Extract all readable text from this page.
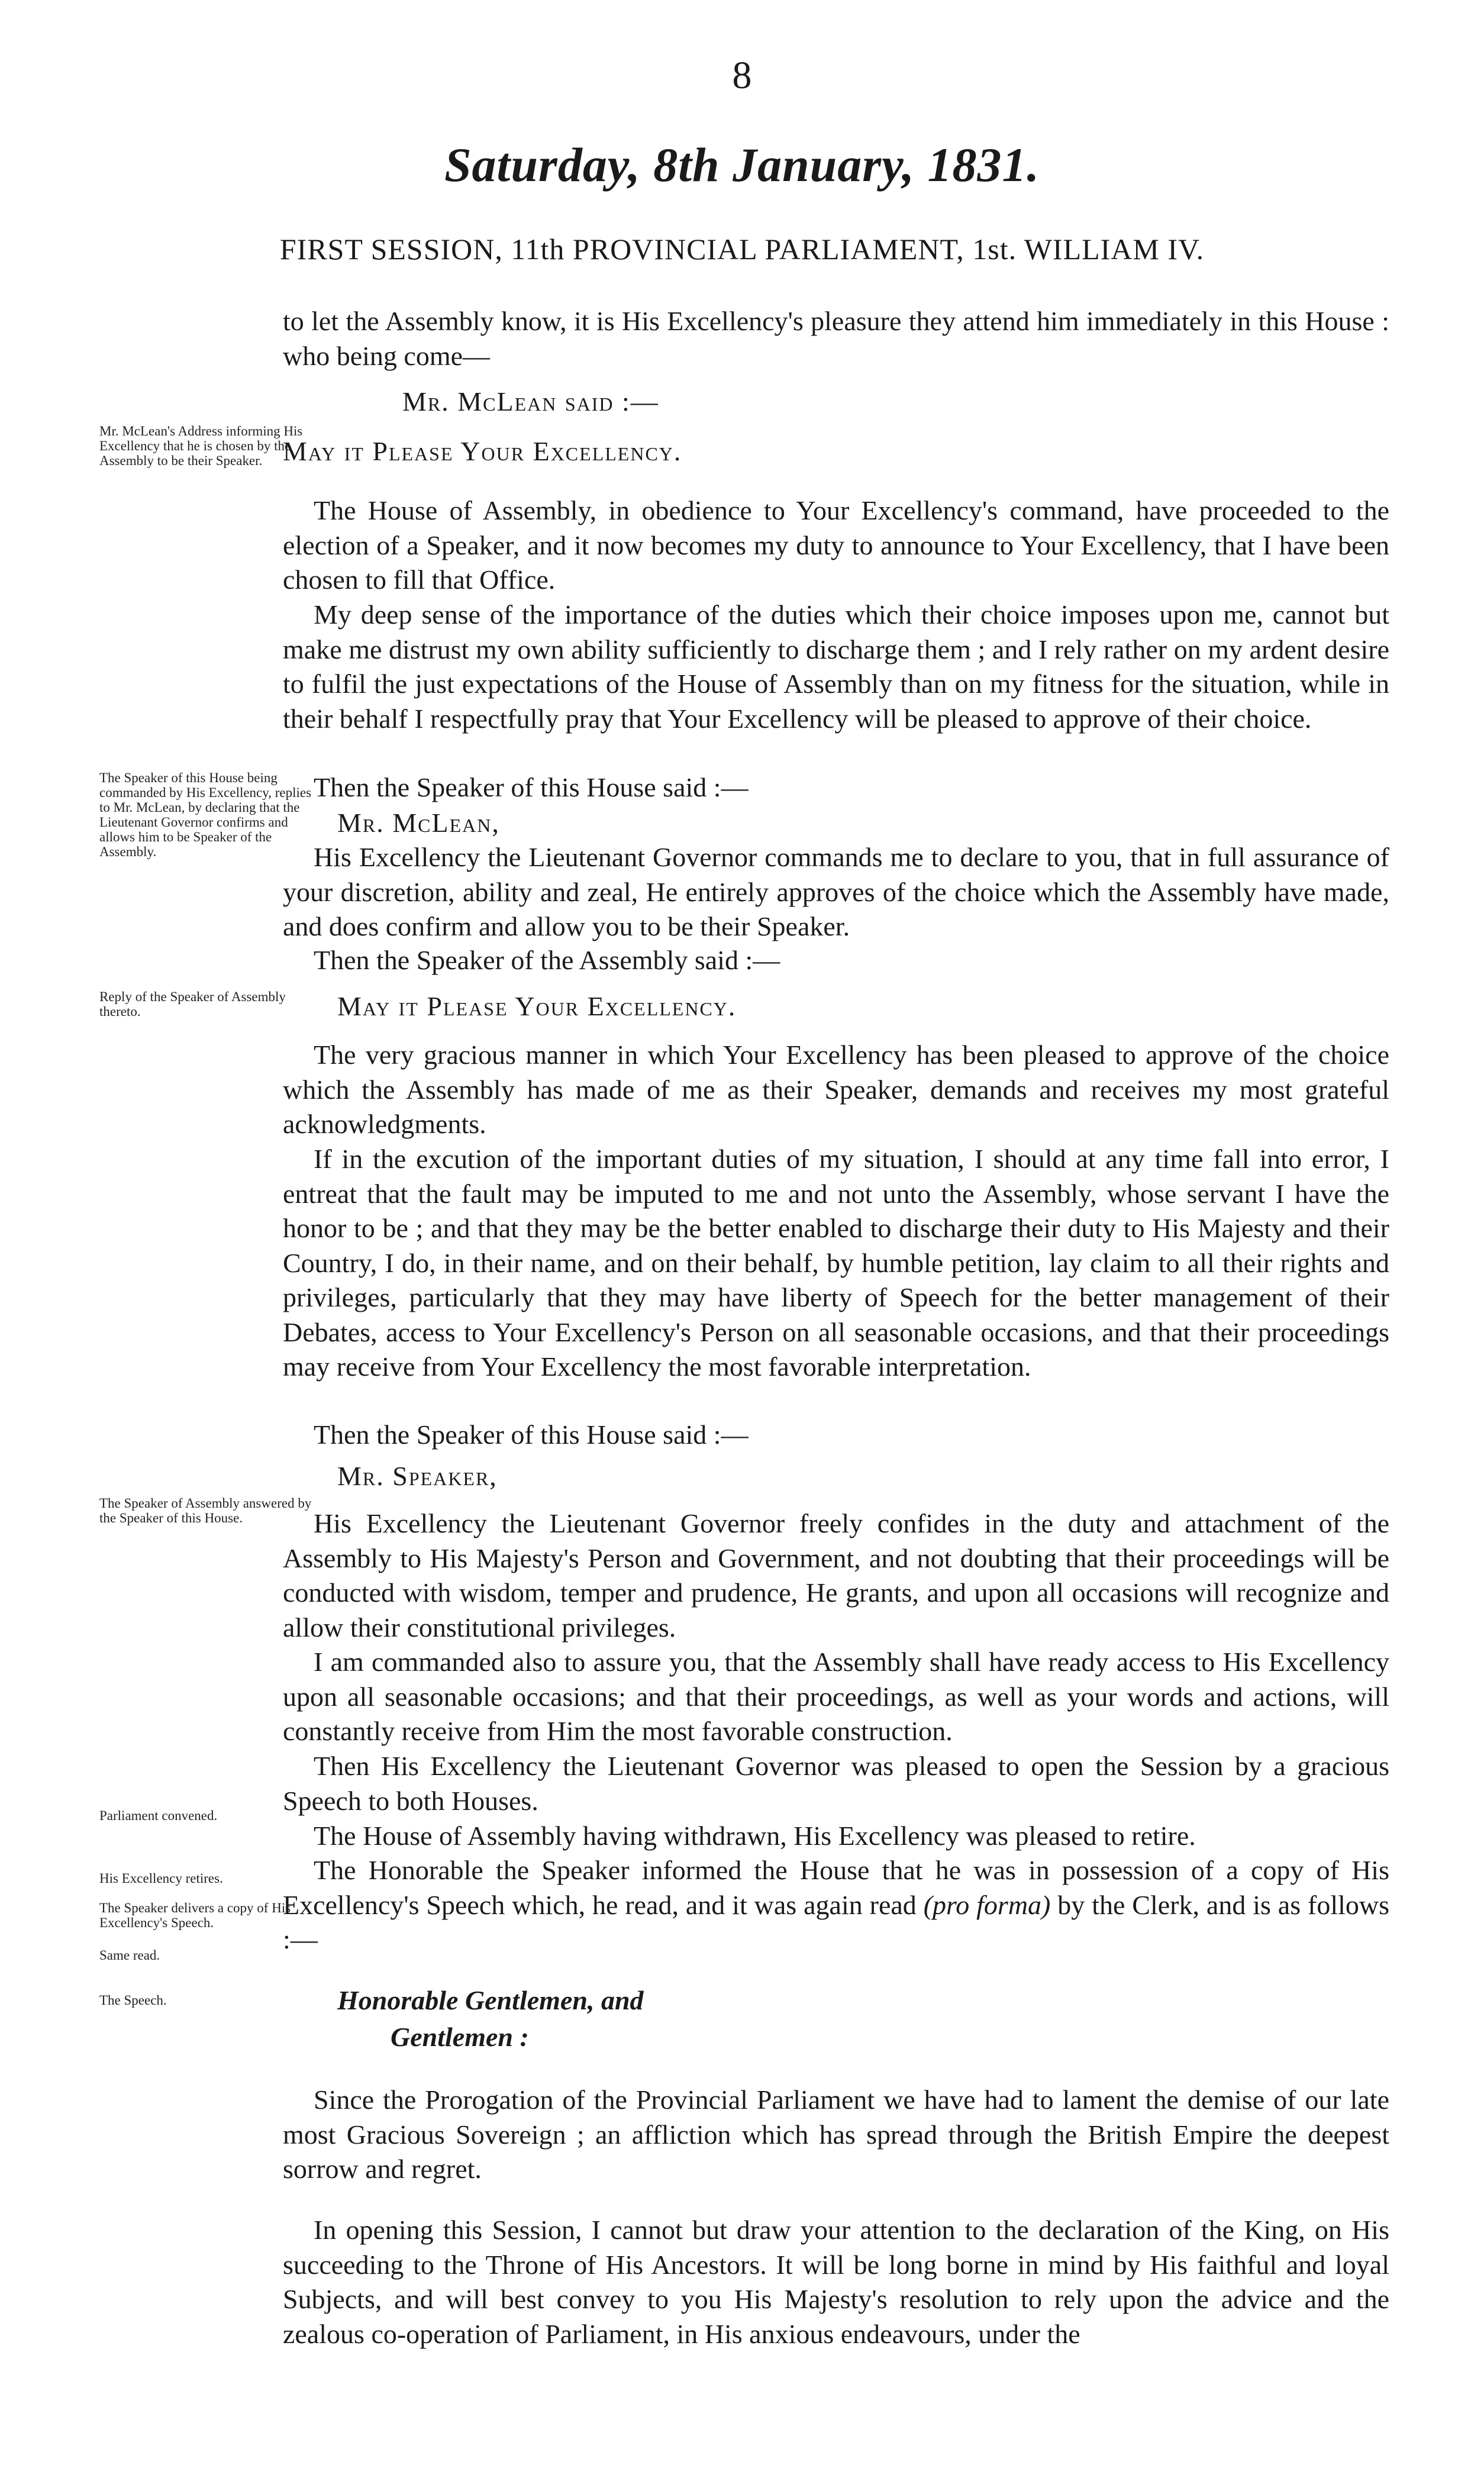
8
Saturday, 8th January, 1831.
FIRST SESSION, 11th PROVINCIAL PARLIAMENT, 1st. WILLIAM IV.
Mr. McLean's Address informing His Excellency that he is chosen by the Assembly to be their Speaker.
The Speaker of this House being commanded by His Excellency, replies to Mr. McLean, by declaring that the Lieutenant Governor confirms and allows him to be Speaker of the Assembly.
Reply of the Speaker of Assembly thereto.
The Speaker of Assembly answered by the Speaker of this House.
Parliament convened.
His Excellency retires.
The Speaker delivers a copy of His Excellency's Speech.
Same read.
The Speech.

to let the Assembly know, it is His Excellency's pleasure they attend him immediately in this House : who being come—

Mr. McLean said :—

May it Please Your Excellency.

The House of Assembly, in obedience to Your Excellency's command, have proceeded to the election of a Speaker, and it now becomes my duty to announce to Your Excellency, that I have been chosen to fill that Office.

My deep sense of the importance of the duties which their choice imposes upon me, cannot but make me distrust my own ability sufficiently to discharge them ; and I rely rather on my ardent desire to fulfil the just expectations of the House of Assembly than on my fitness for the situation, while in their behalf I respectfully pray that Your Excellency will be pleased to approve of their choice.

Then the Speaker of this House said :—

Mr. McLean,

His Excellency the Lieutenant Governor commands me to declare to you, that in full assurance of your discretion, ability and zeal, He entirely approves of the choice which the Assembly have made, and does confirm and allow you to be their Speaker.

Then the Speaker of the Assembly said :—

May it Please Your Excellency.

The very gracious manner in which Your Excellency has been pleased to approve of the choice which the Assembly has made of me as their Speaker, demands and receives my most grateful acknowledgments.

If in the excution of the important duties of my situation, I should at any time fall into error, I entreat that the fault may be imputed to me and not unto the Assembly, whose servant I have the honor to be ; and that they may be the better enabled to discharge their duty to His Majesty and their Country, I do, in their name, and on their behalf, by humble petition, lay claim to all their rights and privileges, particularly that they may have liberty of Speech for the better management of their Debates, access to Your Excellency's Person on all seasonable occasions, and that their proceedings may receive from Your Excellency the most favorable interpretation.

Then the Speaker of this House said :—

Mr. Speaker,

His Excellency the Lieutenant Governor freely confides in the duty and attachment of the Assembly to His Majesty's Person and Government, and not doubting that their proceedings will be conducted with wisdom, temper and prudence, He grants, and upon all occasions will recognize and allow their constitutional privileges.

I am commanded also to assure you, that the Assembly shall have ready access to His Excellency upon all seasonable occasions; and that their proceedings, as well as your words and actions, will constantly receive from Him the most favorable construction.

Then His Excellency the Lieutenant Governor was pleased to open the Session by a gracious Speech to both Houses.

The House of Assembly having withdrawn, His Excellency was pleased to retire.

The Honorable the Speaker informed the House that he was in possession of a copy of His Excellency's Speech which, he read, and it was again read (pro forma) by the Clerk, and is as follows :—

Honorable Gentlemen, and

Gentlemen :

Since the Prorogation of the Provincial Parliament we have had to lament the demise of our late most Gracious Sovereign ; an affliction which has spread through the British Empire the deepest sorrow and regret.

In opening this Session, I cannot but draw your attention to the declaration of the King, on His succeeding to the Throne of His Ancestors. It will be long borne in mind by His faithful and loyal Subjects, and will best convey to you His Majesty's resolution to rely upon the advice and the zealous co-operation of Parliament, in His anxious endeavours, under the
